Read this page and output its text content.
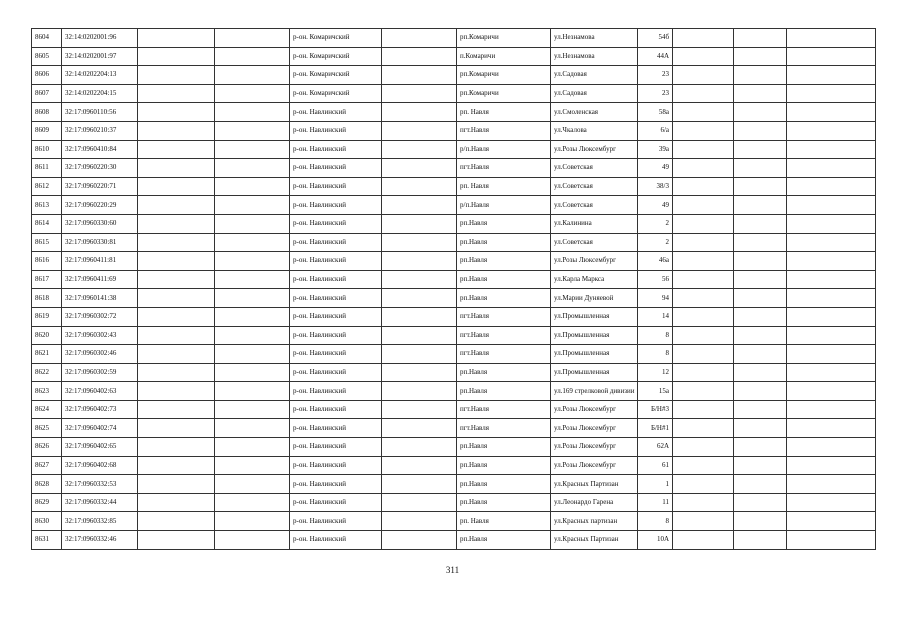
8604	32:14:0202001:96			р-он. Комаричский		рп.Комаричи	ул.Незнамова	54б			
8605	32:14:0202001:97			р-он. Комаричский		п.Комаричи	ул.Незнамова	44А			
8606	32:14:0202204:13			р-он. Комаричский		рп.Комаричи	ул.Садовая	23			
8607	32:14:0202204:15			р-он. Комаричский		рп.Комаричи	ул.Садовая	23			
8608	32:17:0960110:56			р-он. Навлинский		рп. Навля	ул.Смоленская	58а			
8609	32:17:0960210:37			р-он. Навлинский		пгт.Навля	ул.Чкалова	6/а			
8610	32:17:0960410:84			р-он. Навлинский		р/п.Навля	ул.Розы Люксембург	39а			
8611	32:17:0960220:30			р-он. Навлинский		пгт.Навля	ул.Советская	49			
8612	32:17:0960220:71			р-он. Навлинский		рп. Навля	ул.Советская	38/3			
8613	32:17:0960220:29			р-он. Навлинский		р/п.Навля	ул.Советская	49			
8614	32:17:0960330:60			р-он. Навлинский		рп.Навля	ул.Калинина	2			
8615	32:17:0960330:81			р-он. Навлинский		рп.Навля	ул.Советская	2			
8616	32:17:0960411:81			р-он. Навлинский		рп.Навля	ул.Розы Люксембург	46а			
8617	32:17:0960411:69			р-он. Навлинский		рп.Навля	ул.Карла Маркса	56			
8618	32:17:0960141:38			р-он. Навлинский		рп.Навля	ул.Марии Дуняевой	94			
8619	32:17:0960302:72			р-он. Навлинский		пгт.Навля	ул.Промышленная	14			
8620	32:17:0960302:43			р-он. Навлинский		пгт.Навля	ул.Промышленная	8			
8621	32:17:0960302:46			р-он. Навлинский		пгт.Навля	ул.Промышленная	8			
8622	32:17:0960302:59			р-он. Навлинский		рп.Навля	ул.Промышленная	12			
8623	32:17:0960402:63			р-он. Навлинский		рп.Навля	ул.169 стрелковой дивизии	15а			
8624	32:17:0960402:73			р-он. Навлинский		пгт.Навля	ул.Розы Люксембург	Б/Н#3			
8625	32:17:0960402:74			р-он. Навлинский		пгт.Навля	ул.Розы Люксембург	Б/Н#1			
8626	32:17:0960402:65			р-он. Навлинский		рп.Навля	ул.Розы Люксембург	62А			
8627	32:17:0960402:68			р-он. Навлинский		рп.Навля	ул.Розы Люксембург	61			
8628	32:17:0960332:53			р-он. Навлинский		рп.Навля	ул.Красных Партизан	1			
8629	32:17:0960332:44			р-он. Навлинский		рп.Навля	ул.Леонардо Гарена	11			
8630	32:17:0960332:85			р-он. Навлинский		рп. Навля	ул.Красных партизан	8			
8631	32:17:0960332:46			р-он. Навлинский		рп.Навля	ул.Красных Партизан	10А			
311
